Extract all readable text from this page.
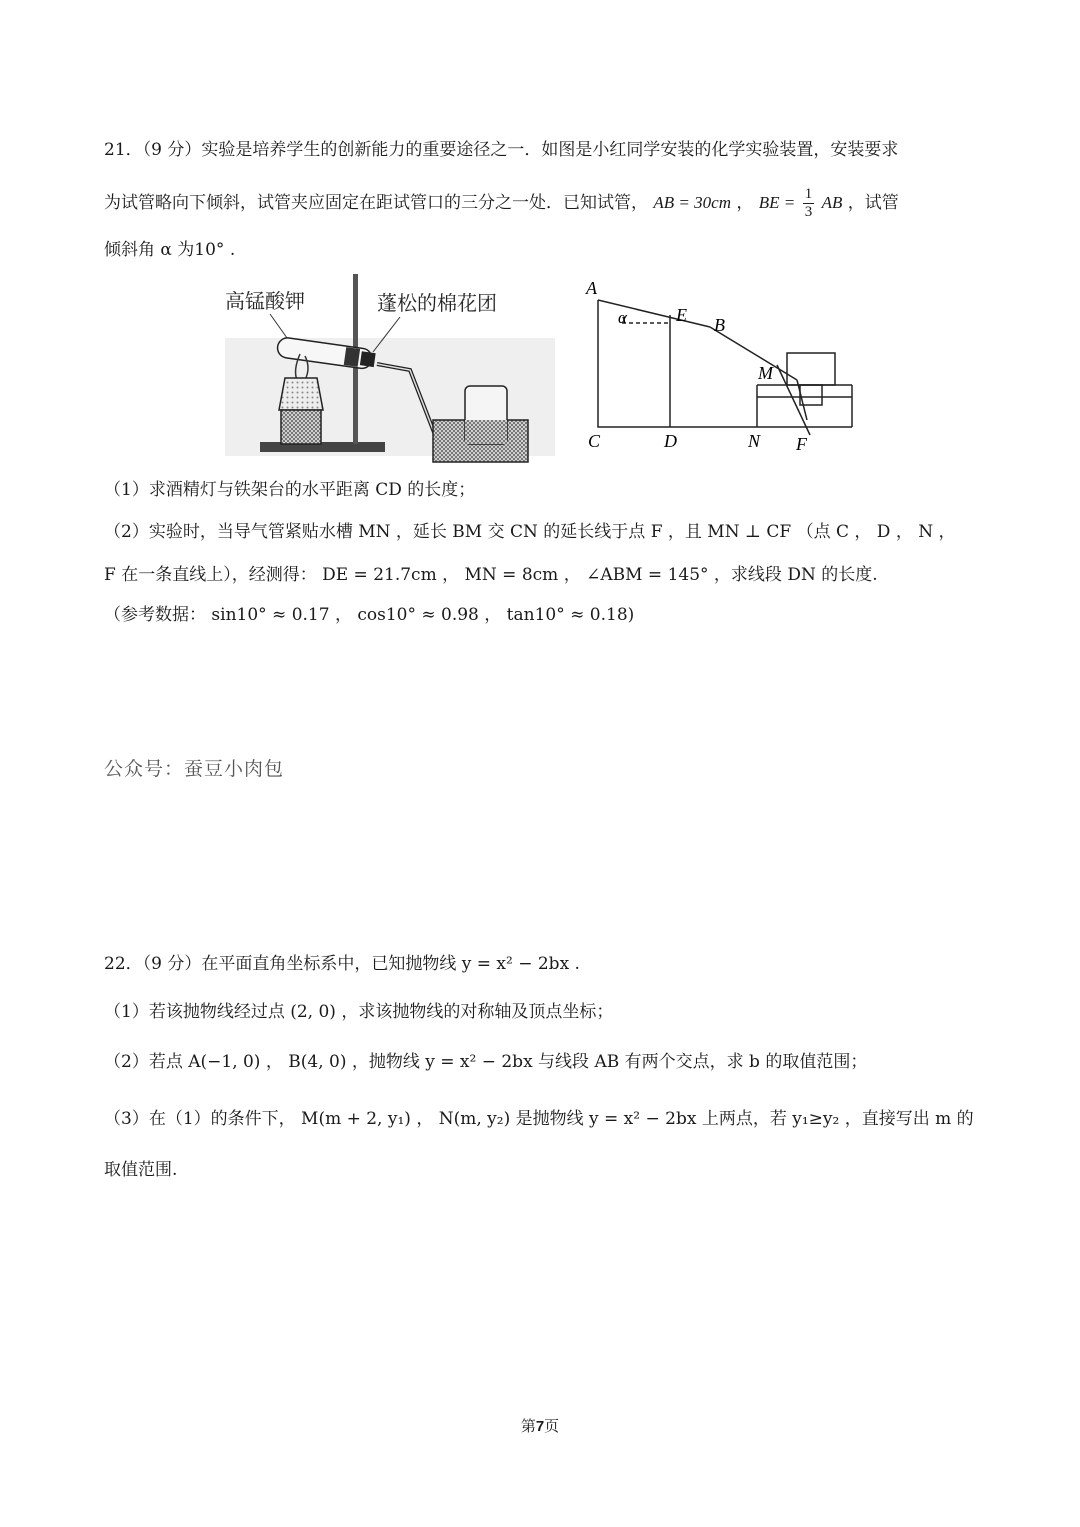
21．（9 分）实验是培养学生的创新能力的重要途径之一．如图是小红同学安装的化学实验装置，安装要求
为试管略向下倾斜，试管夹应固定在距试管口的三分之一处．已知试管， AB = 30cm ， BE = $\frac{1}{3}$ AB ，试管
倾斜角 α 为10° .
高锰酸钾	蓬松的棉花团
A
E B
α
M
C	D	N F
（1）求酒精灯与铁架台的水平距离 CD 的长度；
（2）实验时，当导气管紧贴水槽 MN ，延长 BM 交 CN 的延长线于点 F ，且 MN ⊥ CF （点 C ， D ， N ，
F 在一条直线上），经测得： DE = 21.7cm ， MN = 8cm ， ∠ABM = 145° ，求线段 DN 的长度.
（参考数据： sin10° ≈ 0.17 ， cos10° ≈ 0.98 ， tan10° ≈ 0.18)
公众号：蚕豆小肉包
22．（9 分）在平面直角坐标系中，已知抛物线 y = x² − 2bx .
（1）若该抛物线经过点 (2, 0) ，求该抛物线的对称轴及顶点坐标；
（2）若点 A(−1, 0) ， B(4, 0) ，抛物线 y = x² − 2bx 与线段 AB 有两个交点，求 b 的取值范围；
（3）在（1）的条件下， M(m + 2, y₁) ， N(m, y₂) 是抛物线 y = x² − 2bx 上两点，若 y₁≥y₂ ，直接写出 m 的
取值范围.
第7页
